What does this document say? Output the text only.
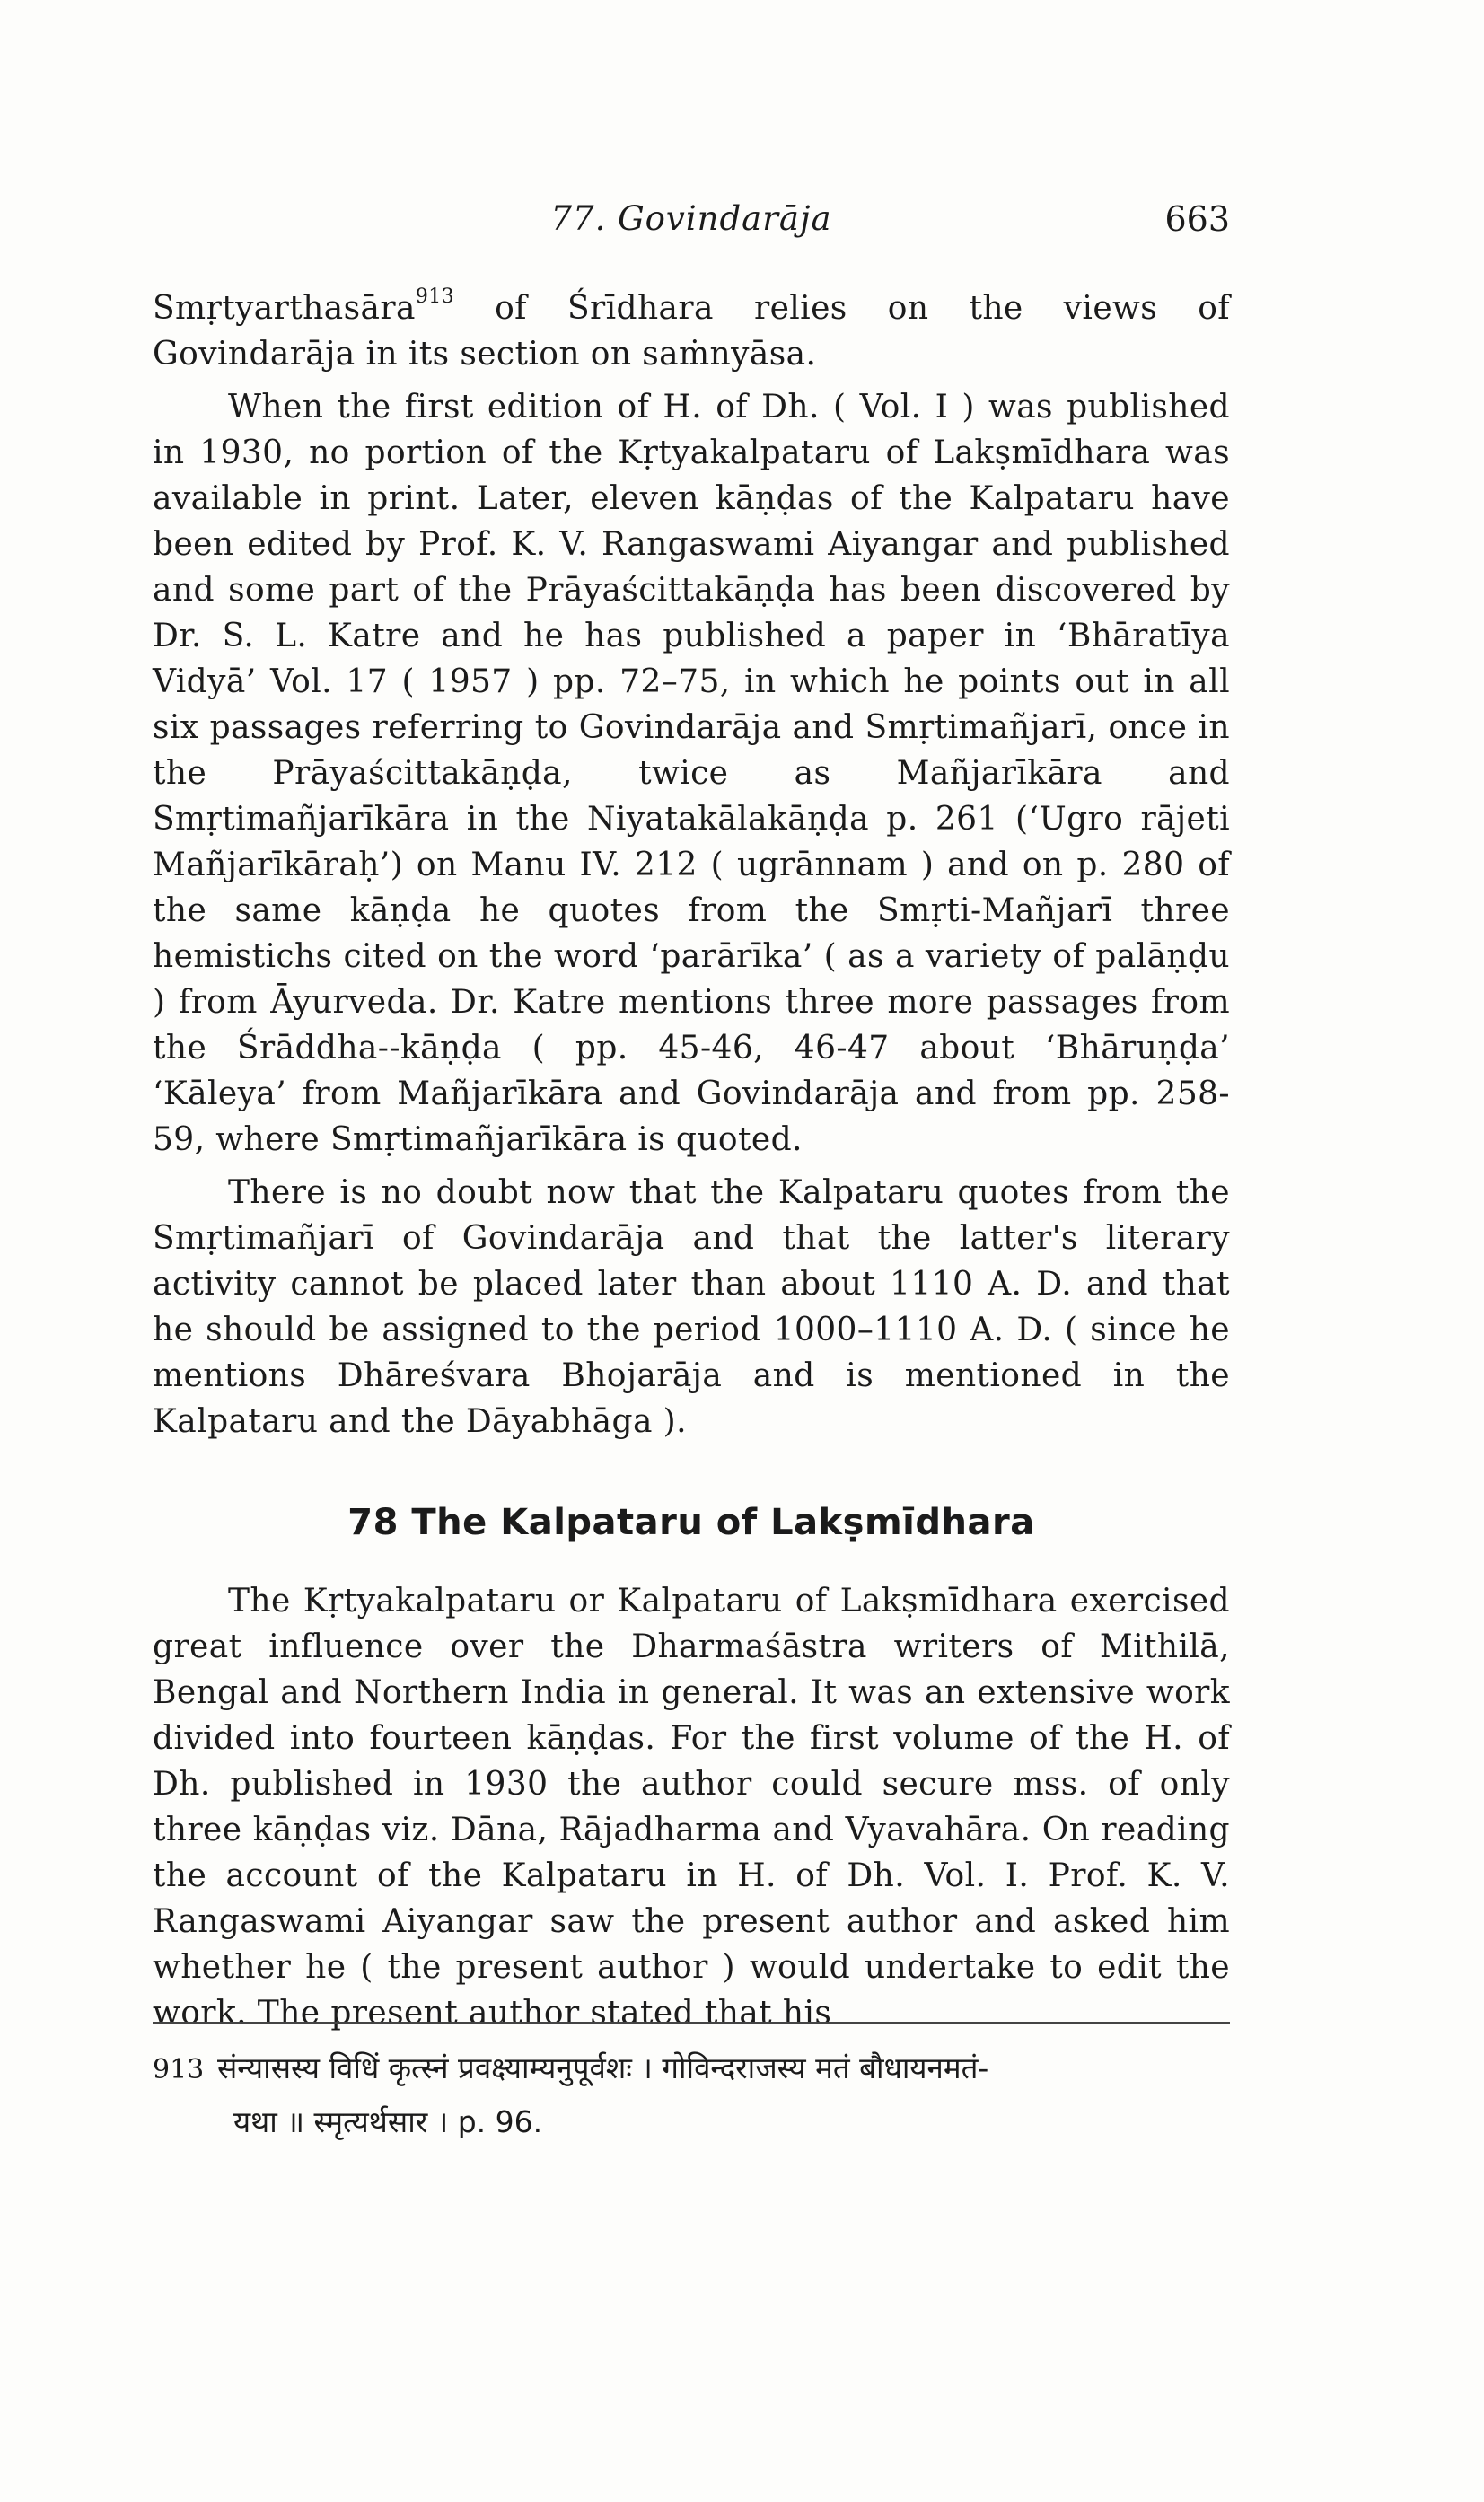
77. Govindarāja	663

Smṛtyarthasāra$^{913}$ of Śrīdhara relies on the views of Govindarāja in its section on saṁnyāsa.

When the first edition of H. of Dh. ( Vol. I ) was published in 1930, no portion of the Kṛtyakalpataru of Lakṣmīdhara was available in print. Later, eleven kāṇḍas of the Kalpataru have been edited by Prof. K. V. Rangaswami Aiyangar and published and some part of the Prāyaścittakāṇḍa has been discovered by Dr. S. L. Katre and he has published a paper in ‘Bhāratīya Vidyā’ Vol. 17 ( 1957 ) pp. 72–75, in which he points out in all six passages referring to Govindarāja and Smṛtimañjarī, once in the Prāyaścittakāṇḍa, twice as Mañjarīkāra and Smṛtimañjarīkāra in the Niyatakālakāṇḍa p. 261 (‘Ugro rājeti Mañjarīkāraḥ’) on Manu IV. 212 ( ugrānnam ) and on p. 280 of the same kāṇḍa he quotes from the Smṛti-Mañjarī three hemistichs cited on the word ‘parārīka’ ( as a variety of palāṇḍu ) from Āyurveda. Dr. Katre mentions three more passages from the Śrāddha--kāṇḍa ( pp. 45-46, 46-47 about ‘Bhāruṇḍa’ ‘Kāleya’ from Mañjarīkāra and Govindarāja and from pp. 258-59, where Smṛtimañjarīkāra is quoted.

There is no doubt now that the Kalpataru quotes from the Smṛtimañjarī of Govindarāja and that the latter's literary activity cannot be placed later than about 1110 A. D. and that he should be assigned to the period 1000–1110 A. D. ( since he mentions Dhāreśvara Bhojarāja and is mentioned in the Kalpataru and the Dāyabhāga ).

78 The Kalpataru of Lakṣmīdhara

The Kṛtyakalpataru or Kalpataru of Lakṣmīdhara exercised great influence over the Dharmaśāstra writers of Mithilā, Bengal and Northern India in general. It was an extensive work divided into fourteen kāṇḍas. For the first volume of the H. of Dh. published in 1930 the author could secure mss. of only three kāṇḍas viz. Dāna, Rājadharma and Vyavahāra. On reading the account of the Kalpataru in H. of Dh. Vol. I. Prof. K. V. Rangaswami Aiyangar saw the present author and asked him whether he ( the present author ) would undertake to edit the work. The present author stated that his

913 संन्यासस्य विधिं कृत्स्नं प्रवक्ष्याम्यनुपूर्वशः । गोविन्दराजस्य मतं बौधायनमतं-
यथा ॥ स्मृत्यर्थसार । p. 96.
